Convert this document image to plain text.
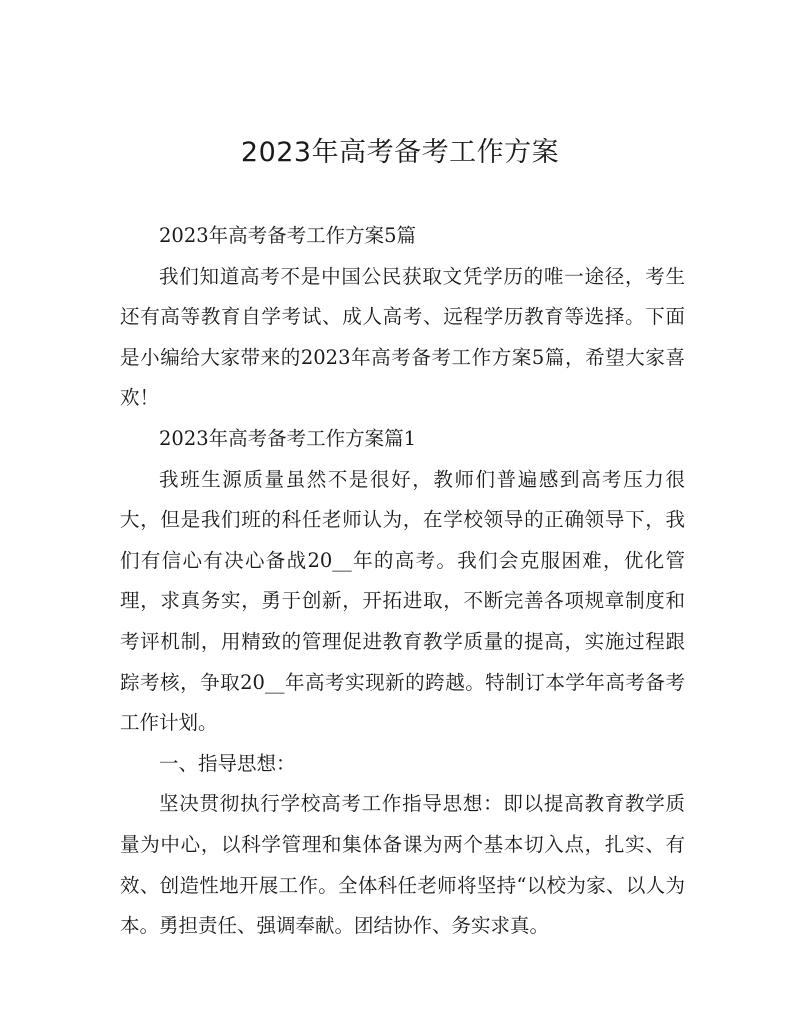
2023年高考备考工作方案

2023年高考备考工作方案5篇

我们知道高考不是中国公民获取文凭学历的唯一途径，考生还有高等教育自学考试、成人高考、远程学历教育等选择。下面是小编给大家带来的2023年高考备考工作方案5篇，希望大家喜欢！

2023年高考备考工作方案篇1

我班生源质量虽然不是很好，教师们普遍感到高考压力很大，但是我们班的科任老师认为，在学校领导的正确领导下，我们有信心有决心备战20__年的高考。我们会克服困难，优化管理，求真务实，勇于创新，开拓进取，不断完善各项规章制度和考评机制，用精致的管理促进教育教学质量的提高，实施过程跟踪考核，争取20__年高考实现新的跨越。特制订本学年高考备考工作计划。

一、指导思想：

坚决贯彻执行学校高考工作指导思想：即以提高教育教学质量为中心，以科学管理和集体备课为两个基本切入点，扎实、有效、创造性地开展工作。全体科任老师将坚持“以校为家、以人为本。勇担责任、强调奉献。团结协作、务实求真。
